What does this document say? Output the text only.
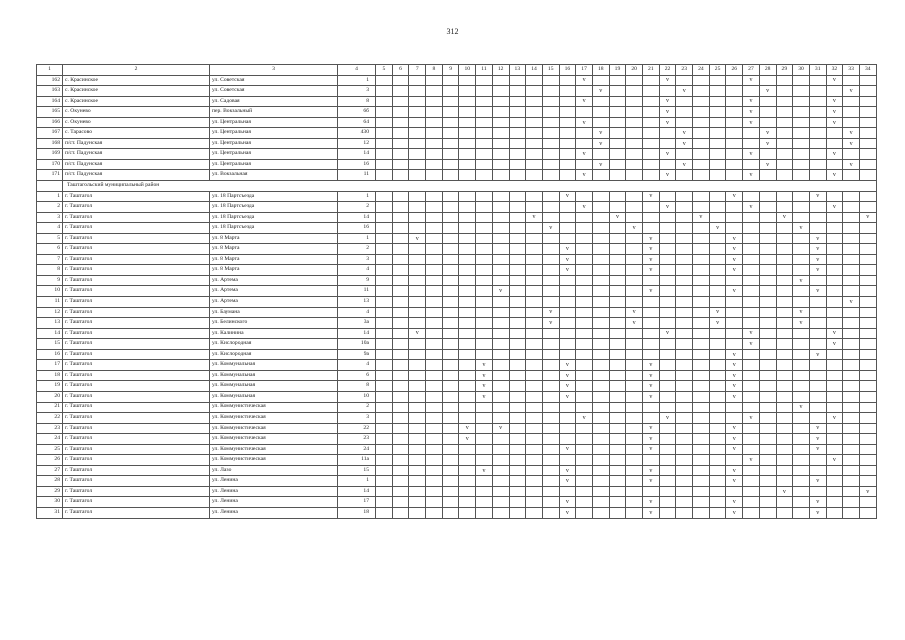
312
1	2	3	4	5	6	7	8	9	10	11	12	13	14	15	16	17	18	19	20	21	22	23	24	25	26	27	28	29	30	31	32	33	34
162	с. Красинское	ул. Советская	1													v					v					v					v		
163	с. Красинское	ул. Советская	3														v					v					v					v	
164	с. Красинское	ул. Садовая	8													v					v					v					v		
165	с. Окунево	пер. Вокзальный	6б																		v					v					v		
166	с. Окунево	ул. Центральная	64													v					v					v					v		
167	с. Тарасово	ул. Центральная	430														v					v					v					v	
168	п/ст. Падунская	ул. Центральная	12														v					v					v					v	
169	п/ст. Падунская	ул. Центральная	14													v					v					v					v		
170	п/ст. Падунская	ул. Центральная	16														v					v					v					v	
171	п/ст. Падунская	ул. Вокзальная	11													v					v					v					v		
	Таштагольский муниципальный район																																
1	г. Таштагол	ул. 18 Партсъезда	1												v					v					v					v			
2	г. Таштагол	ул. 18 Партсъезда	2													v					v					v					v		
3	г. Таштагол	ул. 18 Партсъезда	14										v					v					v					v					v
4	г. Таштагол	ул. 18 Партсъезда	16											v					v					v					v				
5	г. Таштагол	ул. 8 Марта	1			v														v					v					v			
6	г. Таштагол	ул. 8 Марта	2												v					v					v					v			
7	г. Таштагол	ул. 8 Марта	3												v					v					v					v			
8	г. Таштагол	ул. 8 Марта	4												v					v					v					v			
9	г. Таштагол	ул. Артема	9																										v				
10	г. Таштагол	ул. Артема	11								v									v					v					v			
11	г. Таштагол	ул. Артема	13																													v	
12	г. Таштагол	ул. Баумана	4											v					v					v					v				
13	г. Таштагол	ул. Белинского	3а											v					v					v					v				
14	г. Таштагол	ул. Калинина	14			v															v					v					v		
15	г. Таштагол	ул. Кислородная	10а																							v					v		
16	г. Таштагол	ул. Кислородная	9а																						v					v			
17	г. Таштагол	ул. Коммунальная	4							v					v					v					v								
18	г. Таштагол	ул. Коммунальная	6							v					v					v					v								
19	г. Таштагол	ул. Коммунальная	8							v					v					v					v								
20	г. Таштагол	ул. Коммунальная	10							v					v					v					v								
21	г. Таштагол	ул. Коммунистическая	2																										v				
22	г. Таштагол	ул. Коммунистическая	3													v					v					v					v		
23	г. Таштагол	ул. Коммунистическая	22						v		v									v					v					v			
24	г. Таштагол	ул. Коммунистическая	23						v											v					v					v			
25	г. Таштагол	ул. Коммунистическая	24												v					v					v					v			
26	г. Таштагол	ул. Коммунистическая	11а																							v					v		
27	г. Таштагол	ул. Лазо	15							v					v					v					v								
28	г. Таштагол	ул. Ленина	1												v					v					v					v			
29	г. Таштагол	ул. Ленина	14																									v					v
30	г. Таштагол	ул. Ленина	17												v					v					v					v			
31	г. Таштагол	ул. Ленина	18												v					v					v					v			
